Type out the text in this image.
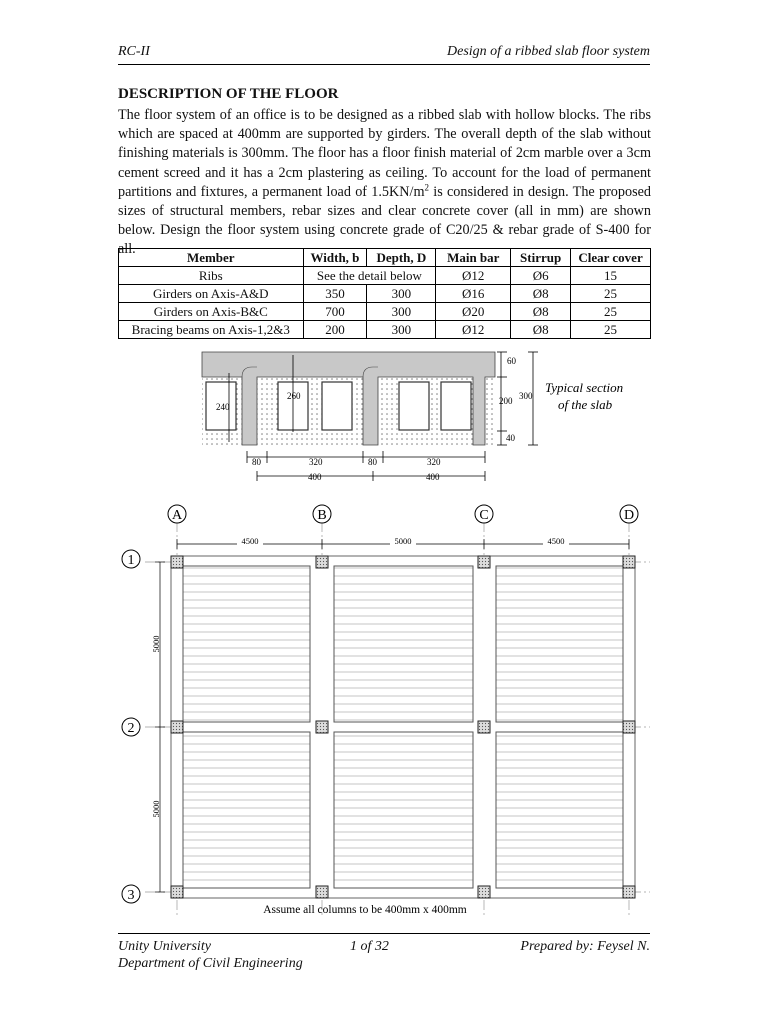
RC-II	Design of a ribbed slab floor system
DESCRIPTION OF THE FLOOR
The floor system of an office is to be designed as a ribbed slab with hollow blocks. The ribs which are spaced at 400mm are supported by girders. The overall depth of the slab without finishing materials is 300mm. The floor has a floor finish material of 2cm marble over a 3cm cement screed and it has a 2cm plastering as ceiling. To account for the load of permanent partitions and fixtures, a permanent load of $1.5KN/m^2$ is considered in design. The proposed sizes of structural members, rebar sizes and clear concrete cover (all in mm) are shown below. Design the floor system using concrete grade of C20/25 & rebar grade of S-400 for all.	Member	Width, b	Depth, D	Main bar	Stirrup	Clear cover
Ribs	See the detail below		Ø12	Ø6	15
Girders on Axis-A&D	350	300	Ø16	Ø8	25
Girders on Axis-B&C	700	300	Ø20	Ø8	25
Bracing beams on Axis-1,2&3	200	300	Ø12	Ø8	25
240
260
60
200
40
300
Typical section
of the slab
80	320	80	320
400	400
A	B	C	D
1
2
3
4500	5000	4500
5000
5000
Assume all columns to be 400mm x 400mm
Unity University
Department of Civil Engineering
1 of 32	Prepared by: Feysel N.
